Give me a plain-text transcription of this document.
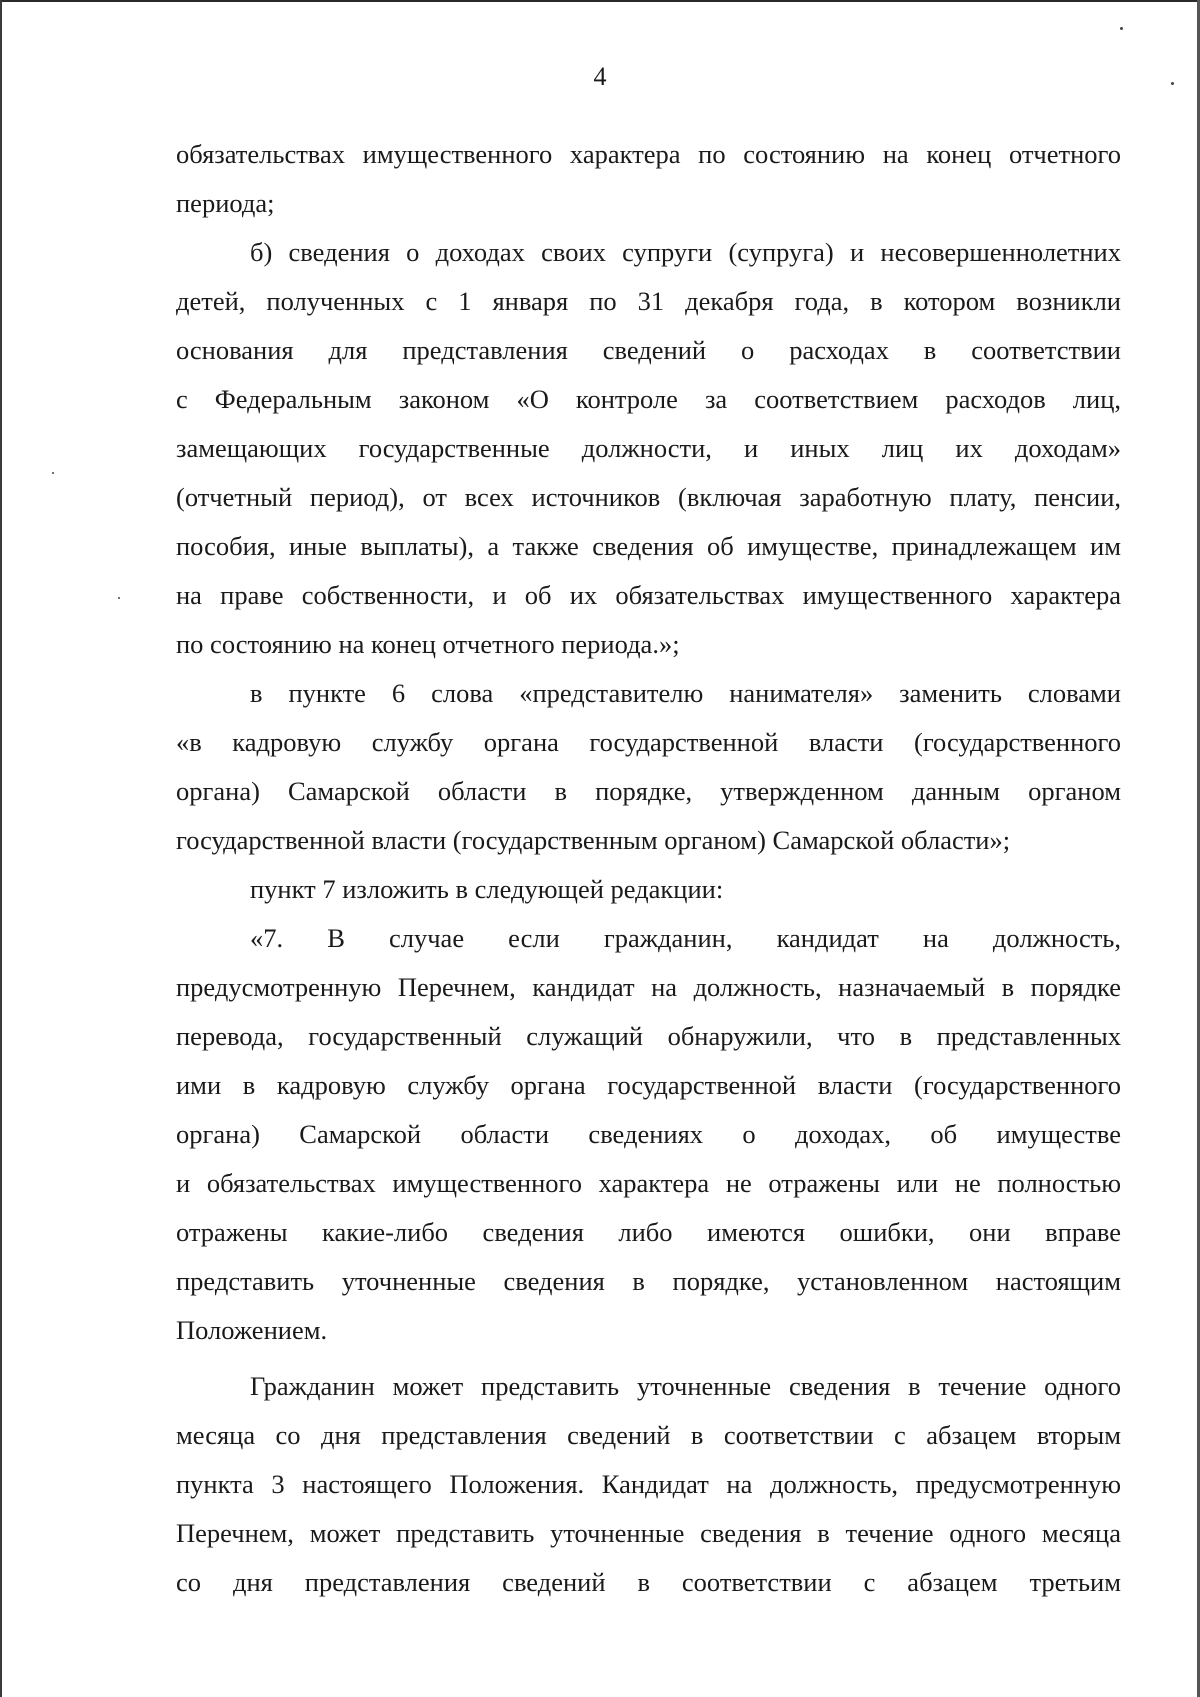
4
обязательствах имущественного характера по состоянию на конец отчетного
периода;
б) сведения о доходах своих супруги (супруга) и несовершеннолетних
детей, полученных с 1 января по 31 декабря года, в котором возникли
основания для представления сведений о расходах в соответствии
с Федеральным законом «О контроле за соответствием расходов лиц,
замещающих государственные должности, и иных лиц их доходам»
(отчетный период), от всех источников (включая заработную плату, пенсии,
пособия, иные выплаты), а также сведения об имуществе, принадлежащем им
на праве собственности, и об их обязательствах имущественного характера
по состоянию на конец отчетного периода.»;
в пункте 6 слова «представителю нанимателя» заменить словами
«в кадровую службу органа государственной власти (государственного
органа) Самарской области в порядке, утвержденном данным органом
государственной власти (государственным органом) Самарской области»;
пункт 7 изложить в следующей редакции:
«7. В случае если гражданин, кандидат на должность,
предусмотренную Перечнем, кандидат на должность, назначаемый в порядке
перевода, государственный служащий обнаружили, что в представленных
ими в кадровую службу органа государственной власти (государственного
органа) Самарской области сведениях о доходах, об имуществе
и обязательствах имущественного характера не отражены или не полностью
отражены какие-либо сведения либо имеются ошибки, они вправе
представить уточненные сведения в порядке, установленном настоящим
Положением.
Гражданин может представить уточненные сведения в течение одного
месяца со дня представления сведений в соответствии с абзацем вторым
пункта 3 настоящего Положения. Кандидат на должность, предусмотренную
Перечнем, может представить уточненные сведения в течение одного месяца
со дня представления сведений в соответствии с абзацем третьим
